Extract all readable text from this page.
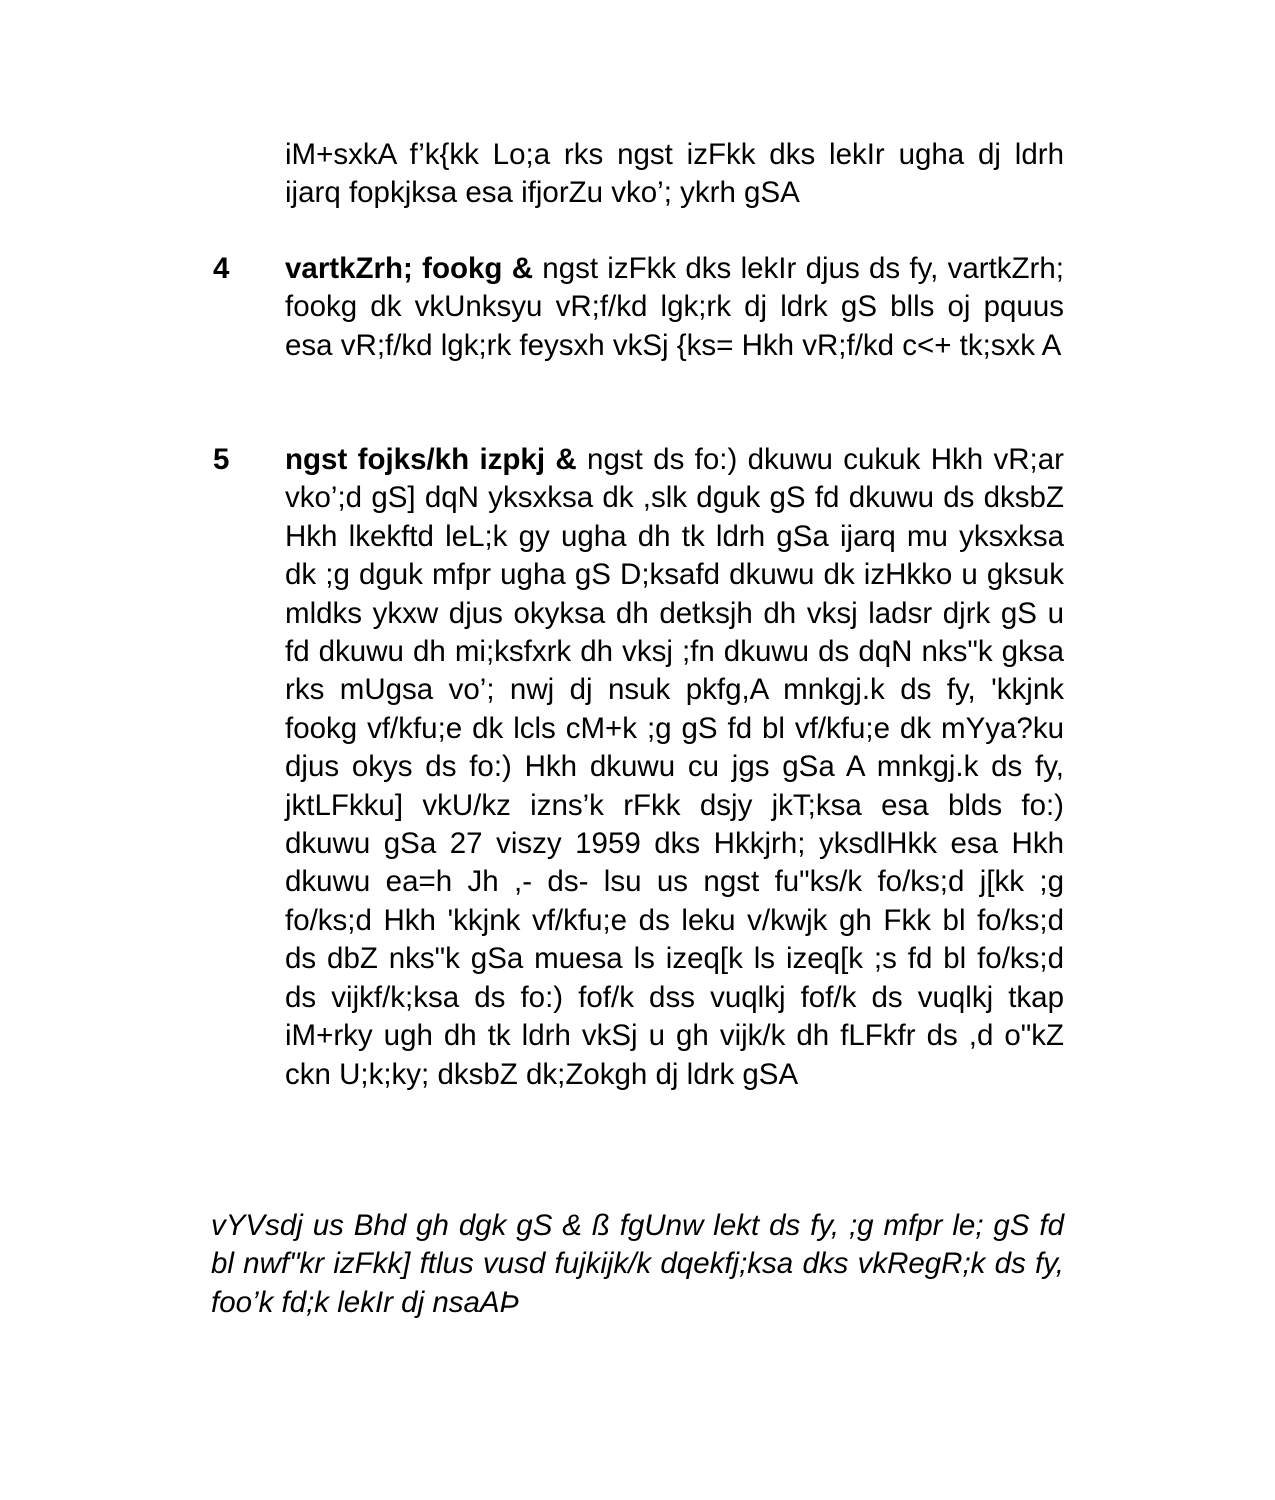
iM+sxkA f’k{kk Lo;a rks ngst izFkk dks lekIr ugha dj ldrh ijarq fopkjksa esa ifjorZu vko’; ykrh gSA

4 vartkZrh; fookg & ngst izFkk dks lekIr djus ds fy, vartkZrh; fookg dk vkUnksyu vR;f/kd lgk;rk dj ldrk gS blls oj pquus esa vR;f/kd lgk;rk feysxh vkSj {ks= Hkh vR;f/kd c<+ tk;sxk A

5 ngst fojks/kh izpkj & ngst ds fo:) dkuwu cukuk Hkh vR;ar vko’;d gS] dqN yksxksa dk ,slk dguk gS fd dkuwu ds dksbZ Hkh lkekftd leL;k gy ugha dh tk ldrh gSa ijarq mu yksxksa dk ;g dguk mfpr ugha gS D;ksafd dkuwu dk izHkko u gksuk mldks ykxw djus okyksa dh detksjh dh vksj ladsr djrk gS u fd dkuwu dh mi;ksfxrk dh vksj ;fn dkuwu ds dqN nks"k gksa rks mUgsa vo’; nwj dj nsuk pkfg,A mnkgj.k ds fy, 'kkjnk fookg vf/kfu;e dk lcls cM+k ;g gS fd bl vf/kfu;e dk mYya?ku djus okys ds fo:) Hkh dkuwu cu jgs gSa A mnkgj.k ds fy, jktLFkku] vkU/kz izns’k rFkk dsjy jkT;ksa esa blds fo:) dkuwu gSa 27 viszy 1959 dks Hkkjrh; yksdlHkk esa Hkh dkuwu ea=h Jh ,- ds- lsu us ngst fu"ks/k fo/ks;d j[kk ;g fo/ks;d Hkh 'kkjnk vf/kfu;e ds leku v/kwjk gh Fkk bl fo/ks;d ds dbZ nks"k gSa muesa ls izeq[k ls izeq[k ;s fd bl fo/ks;d ds vijkf/k;ksa ds fo:) fof/k dss vuqlkj fof/k ds vuqlkj tkap iM+rky ugh dh tk ldrh vkSj u gh vijk/k dh fLFkfr ds ,d o"kZ ckn U;k;ky; dksbZ dk;Zokgh dj ldrk gSA

vYVsdj us Bhd gh dgk gS & ß fgUnw lekt ds fy, ;g mfpr le; gS fd bl nwf"kr izFkk] ftlus vusd fujkijk/k dqekfj;ksa dks vkRegR;k ds fy, foo’k fd;k lekIr dj nsaAÞ
